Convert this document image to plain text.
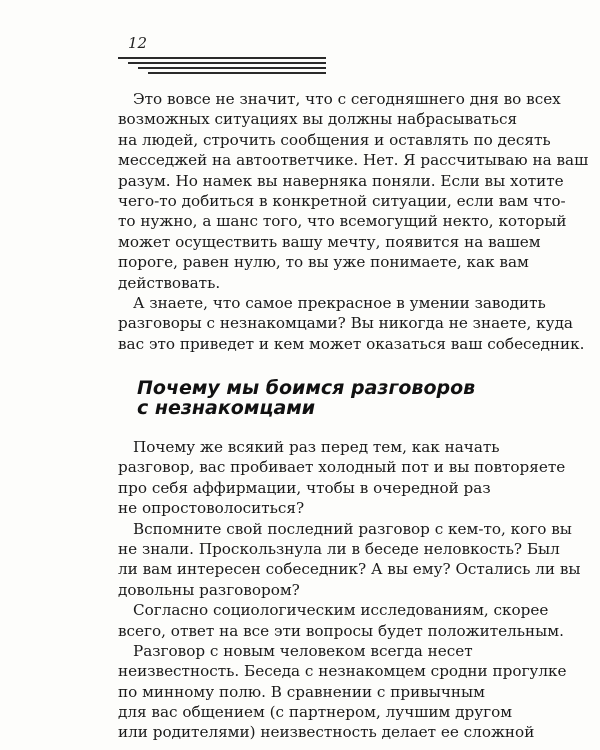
12
Это вовсе не значит, что с сегодняшнего дня во всех
возможных ситуациях вы должны набрасываться
на людей, строчить сообщения и оставлять по десять
месседжей на автоответчике. Нет. Я рассчитываю на ваш
разум. Но намек вы наверняка поняли. Если вы хотите
чего-то добиться в конкретной ситуации, если вам что-
то нужно, а шанс того, что всемогущий некто, который
может осуществить вашу мечту, появится на вашем
пороге, равен нулю, то вы уже понимаете, как вам
действовать.
А знаете, что самое прекрасное в умении заводить
разговоры с незнакомцами? Вы никогда не знаете, куда
вас это приведет и кем может оказаться ваш собеседник.
Почему мы боимся разговоров
с незнакомцами
Почему же всякий раз перед тем, как начать
разговор, вас пробивает холодный пот и вы повторяете
про себя аффирмации, чтобы в очередной раз
не опростоволоситься?
Вспомните свой последний разговор с кем-то, кого вы
не знали. Проскользнула ли в беседе неловкость? Был
ли вам интересен собеседник? А вы ему? Остались ли вы
довольны разговором?
Согласно социологическим исследованиям, скорее
всего, ответ на все эти вопросы будет положительным.
Разговор с новым человеком всегда несет
неизвестность. Беседа с незнакомцем сродни прогулке
по минному полю. В сравнении с привычным
для вас общением (с партнером, лучшим другом
или родителями) неизвестность делает ее сложной
